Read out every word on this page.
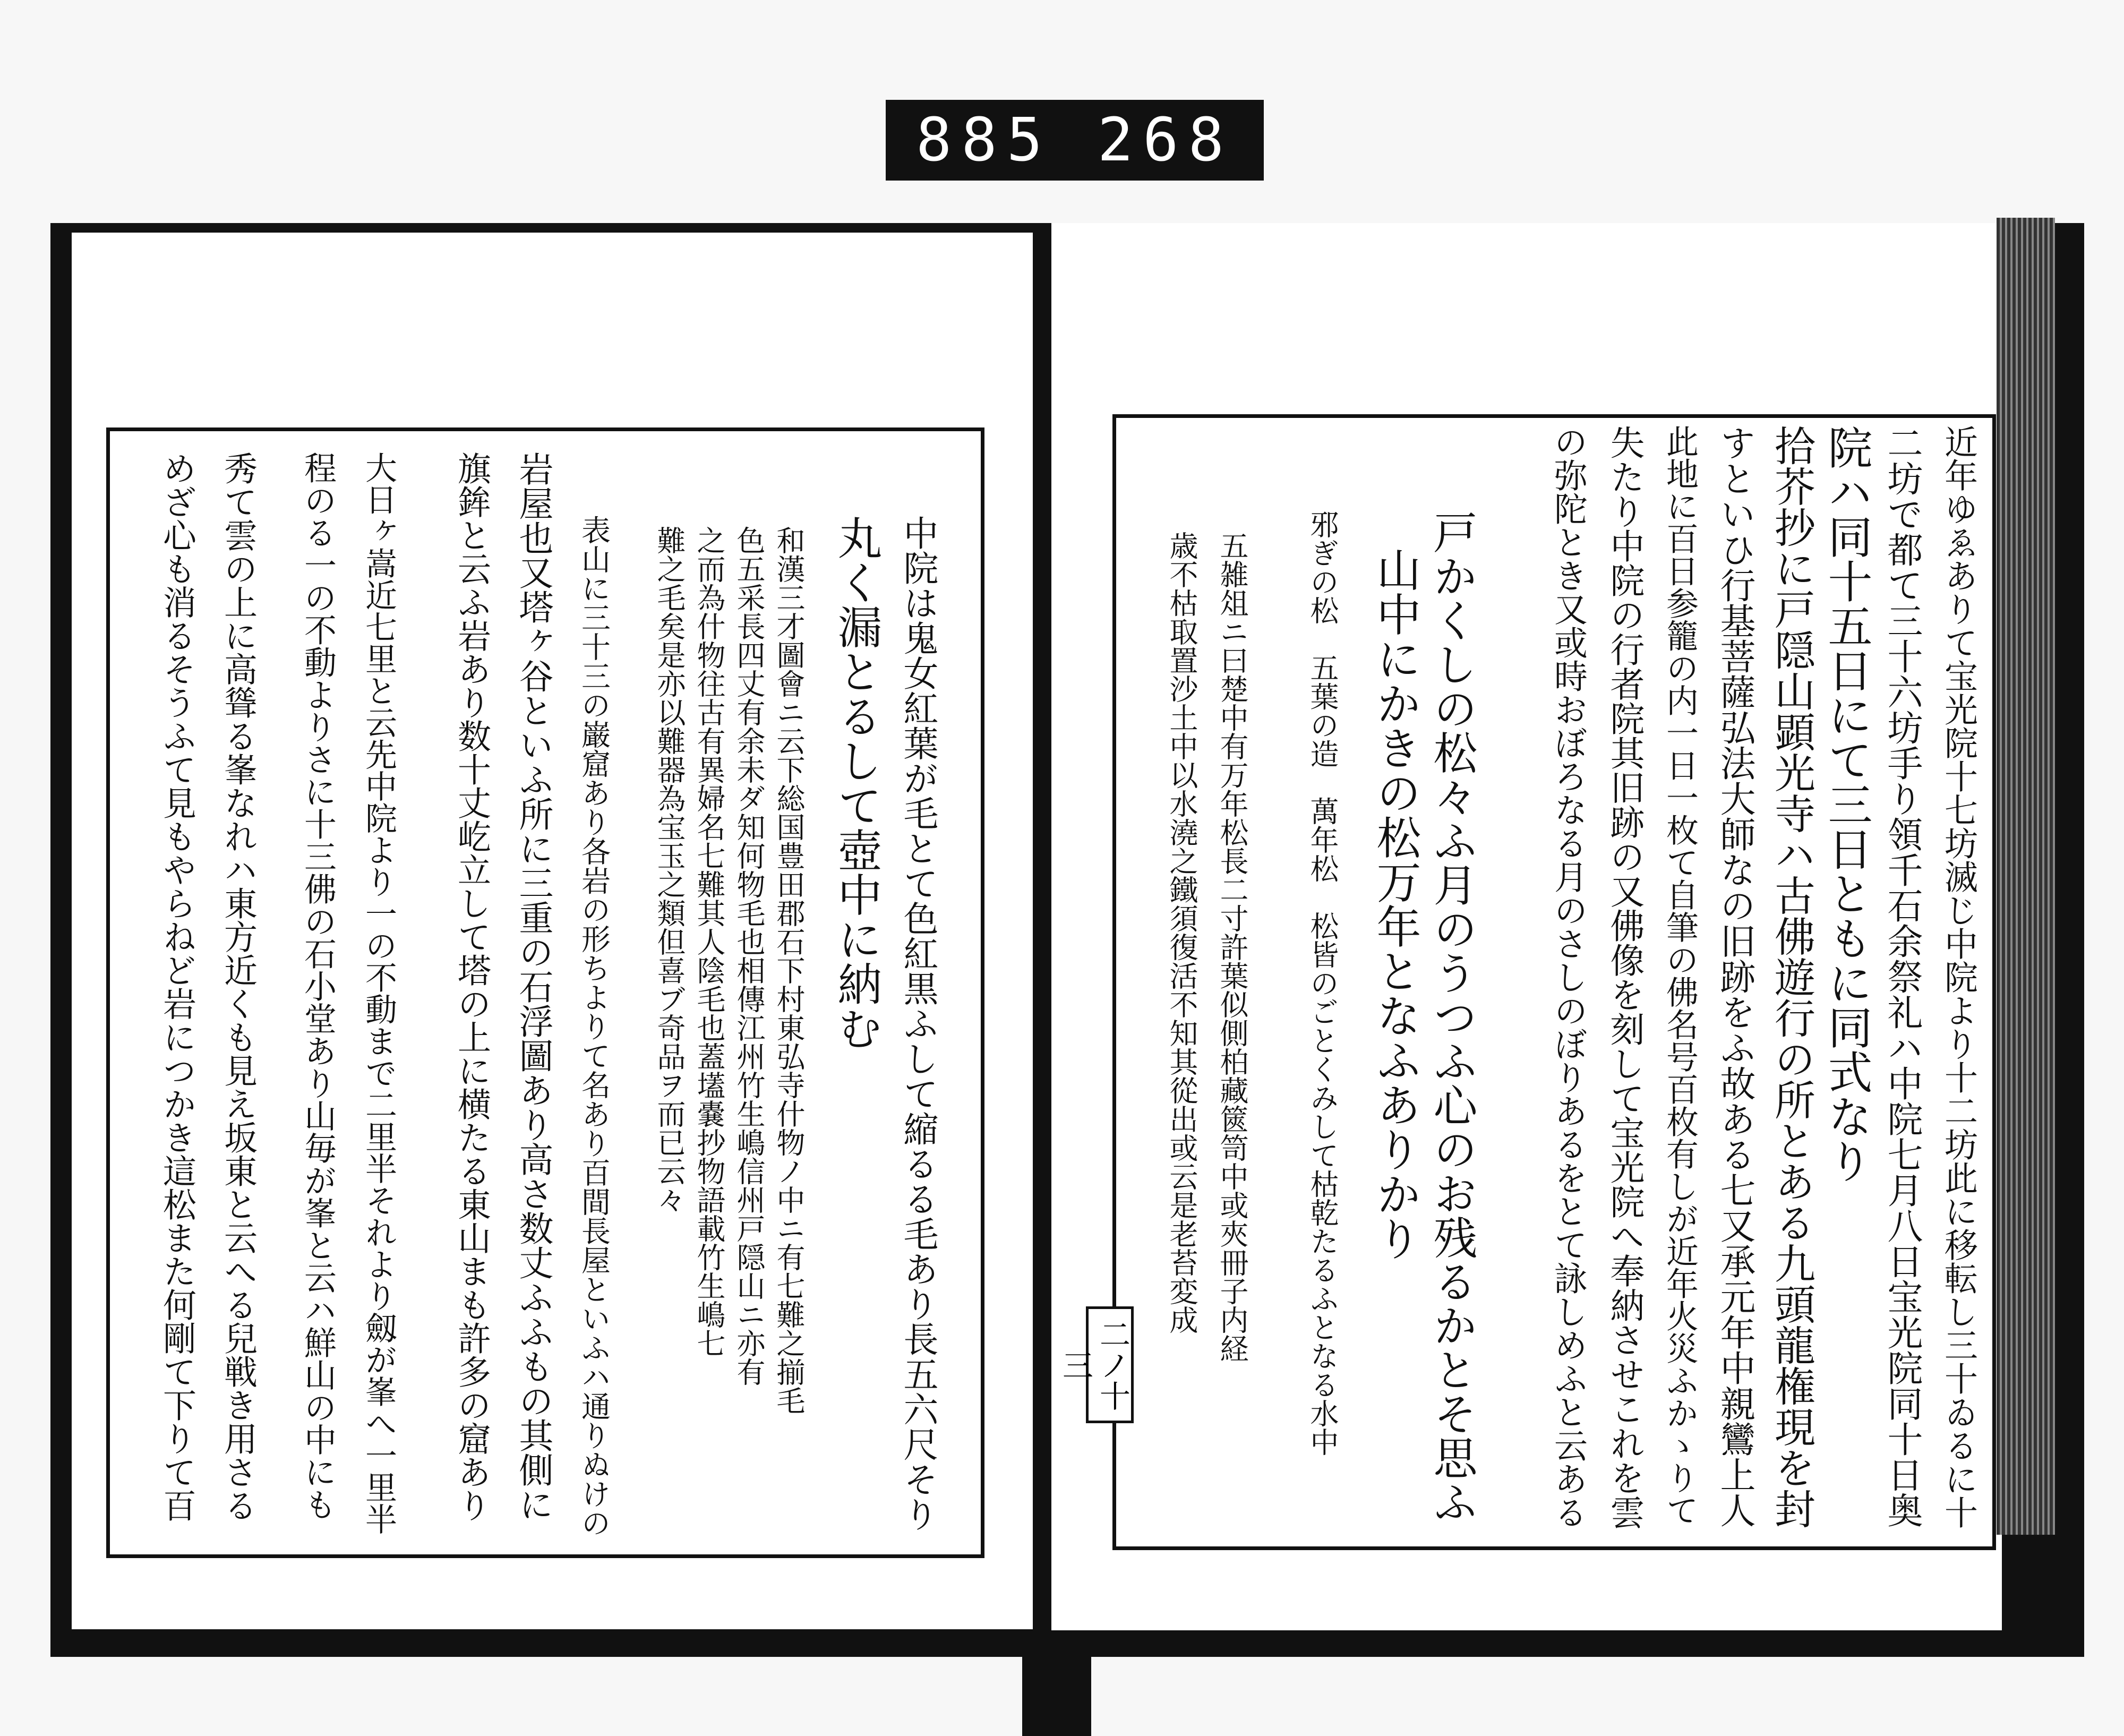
885 268
近年ゆゑありて宝光院十七坊滅じ中院より十二坊此に移転し三十ゐるに十
二坊で都て三十六坊手り領千石余祭礼ハ中院七月八日宝光院同十日奥
院ハ同十五日にて三日ともに同式なり
拾芥抄に戸隠山顕光寺ハ古佛遊行の所とある九頭龍権現を封
すといひ行基菩薩弘法大師なの旧跡をふ故ある七又承元年中親鸞上人
此地に百日参籠の内一日一枚て自筆の佛名号百枚有しが近年火災ふかゝりて
失たり中院の行者院其旧跡の又佛像を刻して宝光院へ奉納させこれを雲
の弥陀とき又或時おぼろなる月のさしのぼりあるをとて詠しめふと云ある
戸かくしの松々ふ月のうつふ心のお残るかとそ思ふ
山中にかきの松万年となふありかり
邪ぎの松　五葉の造　萬年松　松皆のごとくみして枯乾たるふとなる水中
五雑俎ニ曰楚中有万年松長二寸許葉似側柏藏篋笥中或夾冊子内経
歳不枯取置沙土中以水澆之鐵須復活不知其從出或云是老苔変成
二ノ十三
中院は鬼女紅葉が毛とて色紅黒ふして縮るる毛あり長五六尺そり
丸く漏とるして壺中に納む
和漢三才圖會ニ云下総国豊田郡石下村東弘寺什物ノ中ニ有七難之揃毛
色五采長四丈有余未ダ知何物毛也相傳江州竹生嶋信州戸隠山ニ亦有
之而為什物往古有異婦名七難其人陰毛也蓋壒嚢抄物語載竹生嶋七
難之毛矣是亦以難器為宝玉之類但喜ブ奇品ヲ而已云々
表山に三十三の巌窟あり各岩の形ちよりて名あり百間長屋といふハ通りぬけの
岩屋也又塔ヶ谷といふ所に三重の石浮圖あり高さ数丈ふふもの其側に
旗鉾と云ふ岩あり数十丈屹立して塔の上に横たる東山まも許多の窟あり
大日ヶ嵩近七里と云先中院より一の不動まで二里半それより劔が峯へ一里半
程のる一の不動よりさに十三佛の石小堂あり山毎が峯と云ハ鮮山の中にも
秀て雲の上に高聳る峯なれハ東方近くも見え坂東と云へる兒戦き用さる
めざ心も消るそうふて見もやらねど岩につかき這松また何剛て下りて百
